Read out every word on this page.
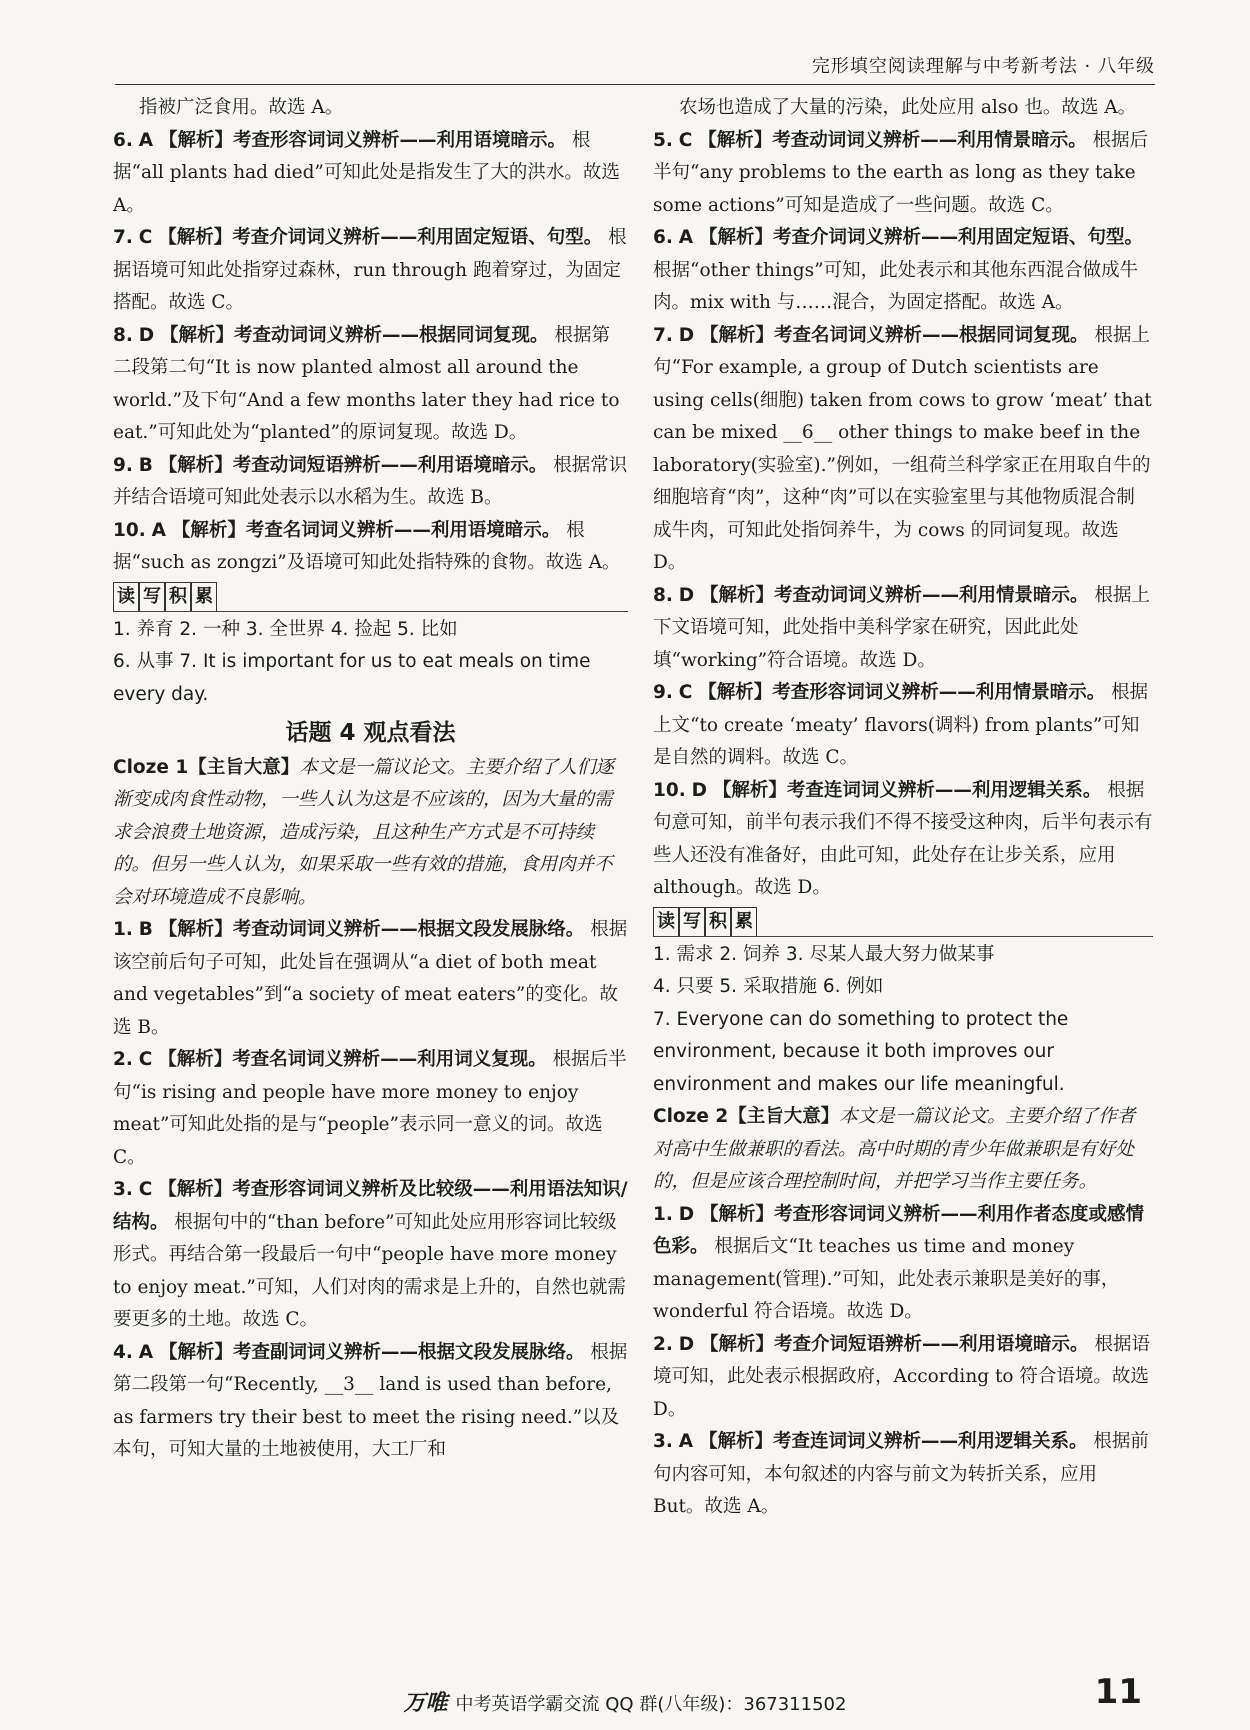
完形填空阅读理解与中考新考法 · 八年级

指被广泛食用。故选 A。

6. A 【解析】考查形容词词义辨析——利用语境暗示。 根据“all plants had died”可知此处是指发生了大的洪水。故选 A。

7. C 【解析】考查介词词义辨析——利用固定短语、句型。 根据语境可知此处指穿过森林，run through 跑着穿过，为固定搭配。故选 C。

8. D 【解析】考查动词词义辨析——根据同词复现。 根据第二段第二句“It is now planted almost all around the world.”及下句“And a few months later they had rice to eat.”可知此处为“planted”的原词复现。故选 D。

9. B 【解析】考查动词短语辨析——利用语境暗示。 根据常识并结合语境可知此处表示以水稻为生。故选 B。

10. A 【解析】考查名词词义辨析——利用语境暗示。 根据“such as zongzi”及语境可知此处指特殊的食物。故选 A。

读 写 积 累

1. 养育 2. 一种 3. 全世界 4. 捡起 5. 比如

6. 从事 7. It is important for us to eat meals on time every day.

话题 4 观点看法

Cloze 1【主旨大意】本文是一篇议论文。主要介绍了人们逐渐变成肉食性动物，一些人认为这是不应该的，因为大量的需求会浪费土地资源，造成污染，且这种生产方式是不可持续的。但另一些人认为，如果采取一些有效的措施，食用肉并不会对环境造成不良影响。

1. B 【解析】考查动词词义辨析——根据文段发展脉络。 根据该空前后句子可知，此处旨在强调从“a diet of both meat and vegetables”到“a society of meat eaters”的变化。故选 B。

2. C 【解析】考查名词词义辨析——利用词义复现。 根据后半句“is rising and people have more money to enjoy meat”可知此处指的是与“people”表示同一意义的词。故选 C。

3. C 【解析】考查形容词词义辨析及比较级——利用语法知识/结构。 根据句中的“than before”可知此处应用形容词比较级形式。再结合第一段最后一句中“people have more money to enjoy meat.”可知，人们对肉的需求是上升的，自然也就需要更多的土地。故选 C。

4. A 【解析】考查副词词义辨析——根据文段发展脉络。 根据第二段第一句“Recently, __3__ land is used than before, as farmers try their best to meet the rising need.”以及本句，可知大量的土地被使用，大工厂和

农场也造成了大量的污染，此处应用 also 也。故选 A。

5. C 【解析】考查动词词义辨析——利用情景暗示。 根据后半句“any problems to the earth as long as they take some actions”可知是造成了一些问题。故选 C。

6. A 【解析】考查介词词义辨析——利用固定短语、句型。 根据“other things”可知，此处表示和其他东西混合做成牛肉。mix with 与……混合，为固定搭配。故选 A。

7. D 【解析】考查名词词义辨析——根据同词复现。 根据上句“For example, a group of Dutch scientists are using cells(细胞) taken from cows to grow ‘meat’ that can be mixed __6__ other things to make beef in the laboratory(实验室).”例如，一组荷兰科学家正在用取自牛的细胞培育“肉”，这种“肉”可以在实验室里与其他物质混合制成牛肉，可知此处指饲养牛，为 cows 的同词复现。故选 D。

8. D 【解析】考查动词词义辨析——利用情景暗示。 根据上下文语境可知，此处指中美科学家在研究，因此此处填“working”符合语境。故选 D。

9. C 【解析】考查形容词词义辨析——利用情景暗示。 根据上文“to create ‘meaty’ flavors(调料) from plants”可知是自然的调料。故选 C。

10. D 【解析】考查连词词义辨析——利用逻辑关系。 根据句意可知，前半句表示我们不得不接受这种肉，后半句表示有些人还没有准备好，由此可知，此处存在让步关系，应用 although。故选 D。

读 写 积 累

1. 需求 2. 饲养 3. 尽某人最大努力做某事

4. 只要 5. 采取措施 6. 例如

7. Everyone can do something to protect the environment, because it both improves our environment and makes our life meaningful.

Cloze 2【主旨大意】本文是一篇议论文。主要介绍了作者对高中生做兼职的看法。高中时期的青少年做兼职是有好处的，但是应该合理控制时间，并把学习当作主要任务。

1. D 【解析】考查形容词词义辨析——利用作者态度或感情色彩。 根据后文“It teaches us time and money management(管理).”可知，此处表示兼职是美好的事，wonderful 符合语境。故选 D。

2. D 【解析】考查介词短语辨析——利用语境暗示。 根据语境可知，此处表示根据政府，According to 符合语境。故选 D。

3. A 【解析】考查连词词义辨析——利用逻辑关系。 根据前句内容可知，本句叙述的内容与前文为转折关系，应用 But。故选 A。

万唯 中考英语学霸交流 QQ 群(八年级)：367311502	11
